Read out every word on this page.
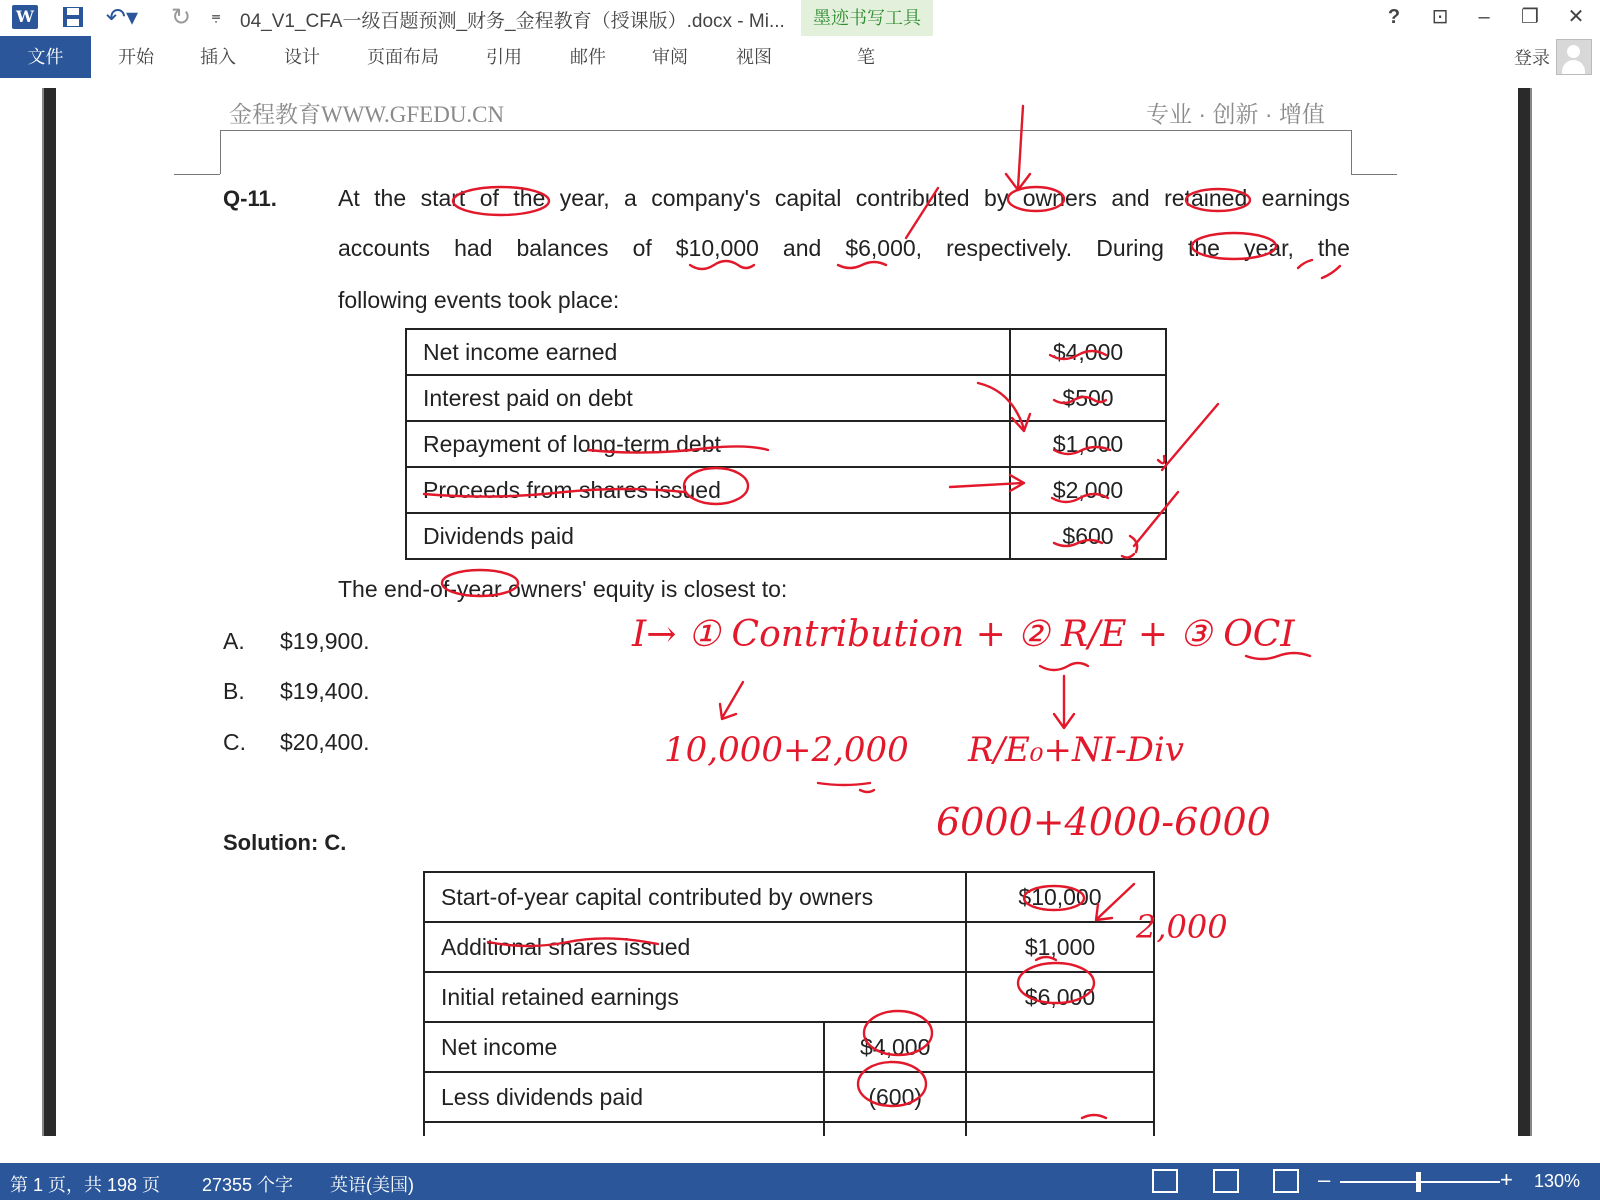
W	↶▾ ↻	⩦ 04_V1_CFA一级百题预测_财务_金程教育（授课版）.docx - Mi...	墨迹书写工具	?	⊡	–	❐	✕
文件	开始	插入	设计	页面布局	引用	邮件	审阅	视图	笔	登录
金程教育WWW.GFEDU.CN	专业 · 创新 · 增值
Q-11.	At the start of the year, a company's capital contributed by owners and retained earnings
accounts had balances of $10,000 and $6,000, respectively. During the year, the
following events took place:
Net income earned	$4,000
Interest paid on debt	$500
Repayment of long-term debt	$1,000
Proceeds from shares issued	$2,000
Dividends paid	$600
The end-of-year owners' equity is closest to:
A. $19,900.
B. $19,400.
C. $20,400.
Solution: C.
Start-of-year capital contributed by owners		$10,000
Additional shares issued		$1,000
Initial retained earnings		$6,000
Net income	$4,000	
Less dividends paid	(600)	

I→ ① Contribution + ② R/E + ③ OCI
10,000+2,000 R/E₀+NI-Div
6000+4000-6000
2,000
第 1 页，共 198 页 27355 个字 英语(美国)	–	+ 130%
